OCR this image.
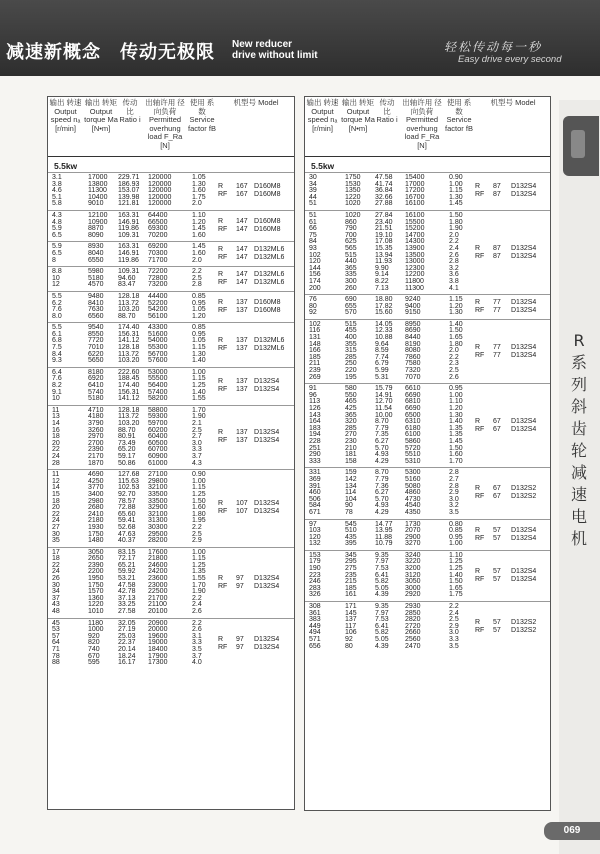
减速新概念　传动无极限 New reducer
drive without limit
轻松传动每一秒
Easy drive every second
R系列斜齿轮减速电机
输出 转速 Output speed nₐ [r/min]
输出 转矩 Output torque Ma [N•m]
传动 比 Ratio i
出轴许用 径向负荷 Permitted overhung load F_Ra [N]
使用 系数 Service factor fB
机型号 Model
5.5kw
3.1	17000	229.71	120000	1.05
3.8	13800	186.93	120000	1.30
4.6	11300	153.07	120000	1.60
5.1	10400	139.98	120000	1.75
5.8	9010	121.81	120000	2.0
R 167 D160M8
RF 167 D160M8
4.3	12100	163.31	64400	1.10
4.8	10900	146.91	66500	1.20
5.9	8870	119.86	69300	1.45
6.5	8090	109.31	70200	1.60
R 147 D160M8
RF 147 D160M8
5.9	8930	163.31	69200	1.45
6.5	8040	146.91	70300	1.60
8	6550	119.86	71700	2.0
R 147 D132ML6
RF 147 D132ML6
8.8	5980	109.31	72200	2.2
10	5180	94.60	72800	2.5
12	4570	83.47	73200	2.8
R 147 D132ML6
RF 147 D132ML6
5.5	9480	128.18	44400	0.85
6.2	8410	113.72	52200	0.95
7.6	7630	103.20	54200	1.05
8.0	6560	88.70	56100	1.20
R 137 D160M8
RF 137 D160M8
5.5	9540	174.40	43300	0.85
6.1	8550	156.31	51600	0.95
6.8	7720	141.12	54000	1.05
7.5	7010	128.18	55300	1.15
8.4	6220	113.72	56700	1.30
9.3	5650	103.20	57600	1.40
R 137 D132ML6
RF 137 D132ML6
6.4	8180	222.60	53000	1.00
7.6	6920	188.45	55500	1.15
8.2	6410	174.40	56400	1.25
9.1	5740	156.31	57400	1.40
10	5180	141.12	58200	1.55
R 137 D132S4
RF 137 D132S4
11	4710	128.18	58800	1.70
13	4180	113.72	59300	1.90
14	3790	103.20	59700	2.1
16	3260	88.70	60200	2.5
18	2970	80.91	60400	2.7
20	2700	73.49	60500	3.0
22	2390	65.20	60700	3.3
24	2170	59.17	60900	3.7
28	1870	50.86	61000	4.3
R 137 D132S4
RF 137 D132S4
11	4690	127.68	27100	0.90
12	4250	115.63	29800	1.00
14	3770	102.53	32100	1.15
15	3400	92.70	33500	1.25
18	2980	78.57	33500	1.50
20	2680	72.88	32900	1.60
22	2410	65.60	32100	1.80
24	2180	59.41	31300	1.95
27	1930	52.68	30300	2.2
30	1750	47.63	29500	2.5
35	1480	40.37	28200	2.9
R 107 D132S4
RF 107 D132S4
17	3050	83.15	17600	1.00
18	2650	72.17	21800	1.15
22	2390	65.21	24600	1.25
24	2200	59.92	24200	1.35
26	1950	53.21	23600	1.55
30	1750	47.58	23000	1.70
34	1570	42.78	22500	1.90
37	1360	37.13	21700	2.2
43	1220	33.25	21100	2.4
48	1010	27.58	20100	2.6
R 97 D132S4
RF 97 D132S4
45	1180	32.05	20900	2.2
53	1000	27.19	20000	2.6
57	920	25.03	19600	3.1
64	820	22.37	19000	3.3
71	740	20.14	18400	3.5
78	670	18.24	17900	3.7
88	595	16.17	17300	4.0
R 97 D132S4
RF 97 D132S4
输出 转速 Output speed nₐ [r/min]
输出 转矩 Output torque Ma [N•m]
传动 比 Ratio i
出轴许用 径向负荷 Permitted overhung load F_Ra [N]
使用 系数 Service factor fB
机型号 Model
5.5kw
30	1750	47.58	15400	0.90
34	1530	41.74	17000	1.00
39	1350	36.84	17200	1.15
44	1220	32.66	16700	1.30
51	1020	27.88	16100	1.45
R 87 D132S4
RF 87 D132S4
51	1020	27.84	16100	1.50
61	860	23.40	15500	1.80
66	790	21.51	15200	1.90
75	700	19.10	14700	2.0
84	625	17.08	14300	2.2
93	565	15.35	13900	2.4
102	515	13.94	13500	2.6
120	440	11.93	13000	2.8
144	365	9.90	12300	3.2
156	335	9.14	12200	3.6
174	300	8.22	11800	3.8
200	260	7.13	11300	4.1
R 87 D132S4
RF 87 D132S4
76	690	18.80	9240	1.15
80	655	17.82	9400	1.20
92	570	15.60	9150	1.30
R 77 D132S4
RF 77 D132S4
102	515	14.05	8950	1.40
116	455	12.33	8690	1.50
131	400	10.88	8440	1.65
148	355	9.64	8190	1.80
166	315	8.59	8080	2.0
185	285	7.74	7860	2.2
211	250	6.79	7580	2.3
239	220	5.99	7320	2.5
269	195	5.31	7070	2.6
R 77 D132S4
RF 77 D132S4
91	580	15.79	6610	0.95
96	550	14.91	6690	1.00
113	465	12.70	6810	1.10
126	425	11.54	6690	1.20
143	365	10.00	6500	1.30
164	320	8.70	6310	1.40
183	285	7.79	6180	1.35
194	270	7.35	6100	1.35
228	230	6.27	5860	1.45
251	210	5.70	5720	1.50
290	181	4.93	5510	1.60
333	158	4.29	5310	1.70
R 67 D132S4
RF 67 D132S4
331	159	8.70	5300	2.8
369	142	7.79	5160	2.7
391	134	7.36	5080	2.8
460	114	6.27	4860	2.9
506	104	5.70	4730	3.0
584	90	4.93	4540	3.2
671	78	4.29	4350	3.5
R 67 D132S2
RF 67 D132S2
97	545	14.77	1730	0.80
103	510	13.95	2070	0.85
120	435	11.88	2900	0.95
132	395	10.79	3270	1.00
R 57 D132S4
RF 57 D132S4
153	345	9.35	3240	1.10
179	295	7.97	3220	1.25
190	275	7.53	3200	1.25
223	235	6.41	3120	1.40
246	215	5.82	3050	1.50
283	185	5.05	3000	1.65
326	161	4.39	2920	1.75
R 57 D132S4
RF 57 D132S4
308	171	9.35	2930	2.2
361	145	7.97	2850	2.4
383	137	7.53	2820	2.5
449	117	6.41	2720	2.9
494	106	5.82	2660	3.0
571	92	5.05	2560	3.3
656	80	4.39	2470	3.5
R 57 D132S2
RF 57 D132S2
069
